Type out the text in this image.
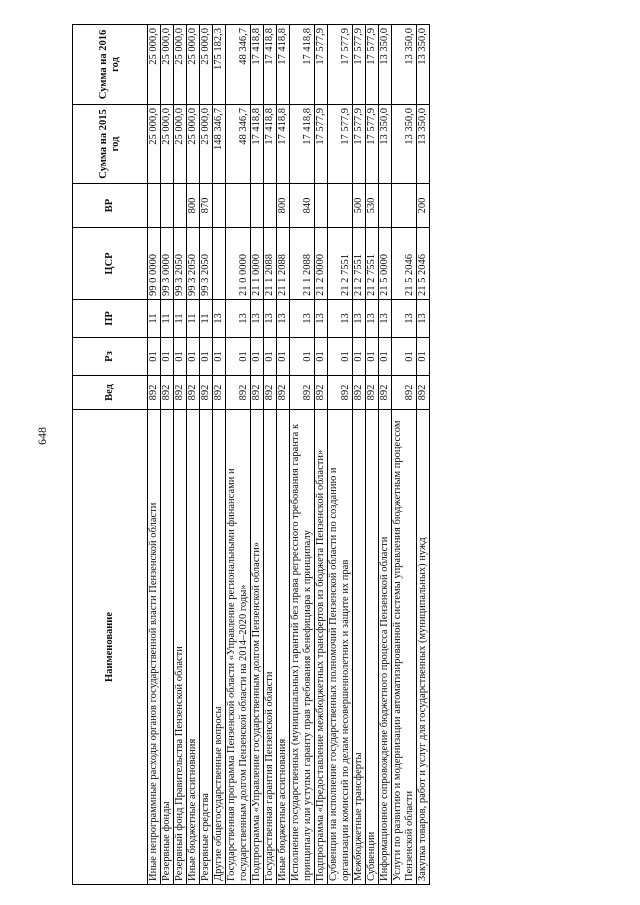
648
Наименование	Вед	Рз	ПР	ЦСР	ВР	Сумма на 2015 год	Сумма на 2016 год
Иные непрограммные расходы органов государственной власти Пензенской области	892	01	11	99 0 0000		25 000,0	25 000,0
Резервные фонды	892	01	11	99 3 0000		25 000,0	25 000,0
Резервный фонд Правительства Пензенской области	892	01	11	99 3 2050		25 000,0	25 000,0
Иные бюджетные ассигнования	892	01	11	99 3 2050	800	25 000,0	25 000,0
Резервные средства	892	01	11	99 3 2050	870	25 000,0	25 000,0
Другие общегосударственные вопросы	892	01	13			148 346,7	175 182,3
Государственная программа Пензенской области «Управление региональными финансами и государственным долгом Пензенской области на 2014–2020 годы»	892	01	13	21 0 0000		48 346,7	48 346,7
Подпрограмма «Управление государственным долгом Пензенской области»	892	01	13	21 1 0000		17 418,8	17 418,8
Государственная гарантия Пензенской области	892	01	13	21 1 2088		17 418,8	17 418,8
Иные бюджетные ассигнования	892	01	13	21 1 2088	800	17 418,8	17 418,8
Исполнение государственных (муниципальных) гарантий без права регрессного требования гаранта к принципалу или уступки гаранту прав требования бенефициара к принципалу	892	01	13	21 1 2088	840	17 418,8	17 418,8
Подпрограмма «Предоставление межбюджетных трансфертов из бюджета Пензенской области»	892	01	13	21 2 0000		17 577,9	17 577,9
Субвенции на исполнение государственных полномочий Пензенской области по созданию и организации комиссий по делам несовершеннолетних и защите их прав	892	01	13	21 2 7551		17 577,9	17 577,9
Межбюджетные трансферты	892	01	13	21 2 7551	500	17 577,9	17 577,9
Субвенции	892	01	13	21 2 7551	530	17 577,9	17 577,9
Информационное сопровождение бюджетного процесса Пензенской области	892	01	13	21 5 0000		13 350,0	13 350,0
Услуги по развитию и модернизации автоматизированной системы управления бюджетным процессом Пензенской области	892	01	13	21 5 2046		13 350,0	13 350,0
Закупка товаров, работ и услуг для государственных (муниципальных) нужд	892	01	13	21 5 2046	200	13 350,0	13 350,0
